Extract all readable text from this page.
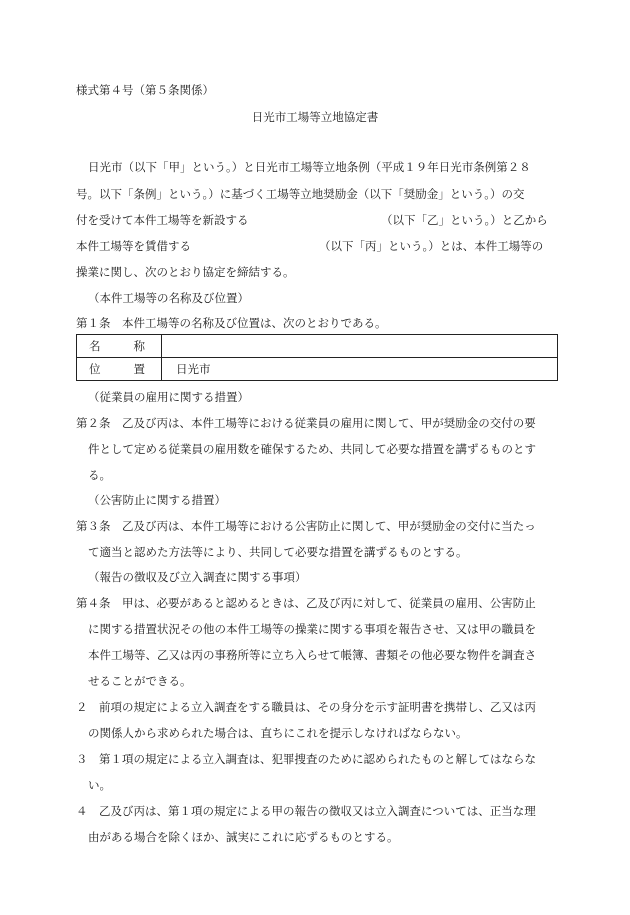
様式第４号（第５条関係）
日光市工場等立地協定書
日光市（以下「甲」という。）と日光市工場等立地条例（平成１９年日光市条例第２８
号。以下「条例」という。）に基づく工場等立地奨励金（以下「奨励金」という。）の交
付を受けて本件工場等を新設する	（以下「乙」という。）と乙から
本件工場等を賃借する	（以下「丙」という。）とは、本件工場等の
操業に関し、次のとおり協定を締結する。
（本件工場等の名称及び位置）
第１条　本件工場等の名称及び位置は、次のとおりである。
名 称	

位 置	日光市
（従業員の雇用に関する措置）
第２条　乙及び丙は、本件工場等における従業員の雇用に関して、甲が奨励金の交付の要
件として定める従業員の雇用数を確保するため、共同して必要な措置を講ずるものとす
る。
（公害防止に関する措置）
第３条　乙及び丙は、本件工場等における公害防止に関して、甲が奨励金の交付に当たっ
て適当と認めた方法等により、共同して必要な措置を講ずるものとする。
（報告の徴収及び立入調査に関する事項）
第４条　甲は、必要があると認めるときは、乙及び丙に対して、従業員の雇用、公害防止
に関する措置状況その他の本件工場等の操業に関する事項を報告させ、又は甲の職員を
本件工場等、乙又は丙の事務所等に立ち入らせて帳簿、書類その他必要な物件を調査さ
せることができる。
２　前項の規定による立入調査をする職員は、その身分を示す証明書を携帯し、乙又は丙
の関係人から求められた場合は、直ちにこれを提示しなければならない。
３　第１項の規定による立入調査は、犯罪捜査のために認められたものと解してはならな
い。
４　乙及び丙は、第１項の規定による甲の報告の徴収又は立入調査については、正当な理
由がある場合を除くほか、誠実にこれに応ずるものとする。
